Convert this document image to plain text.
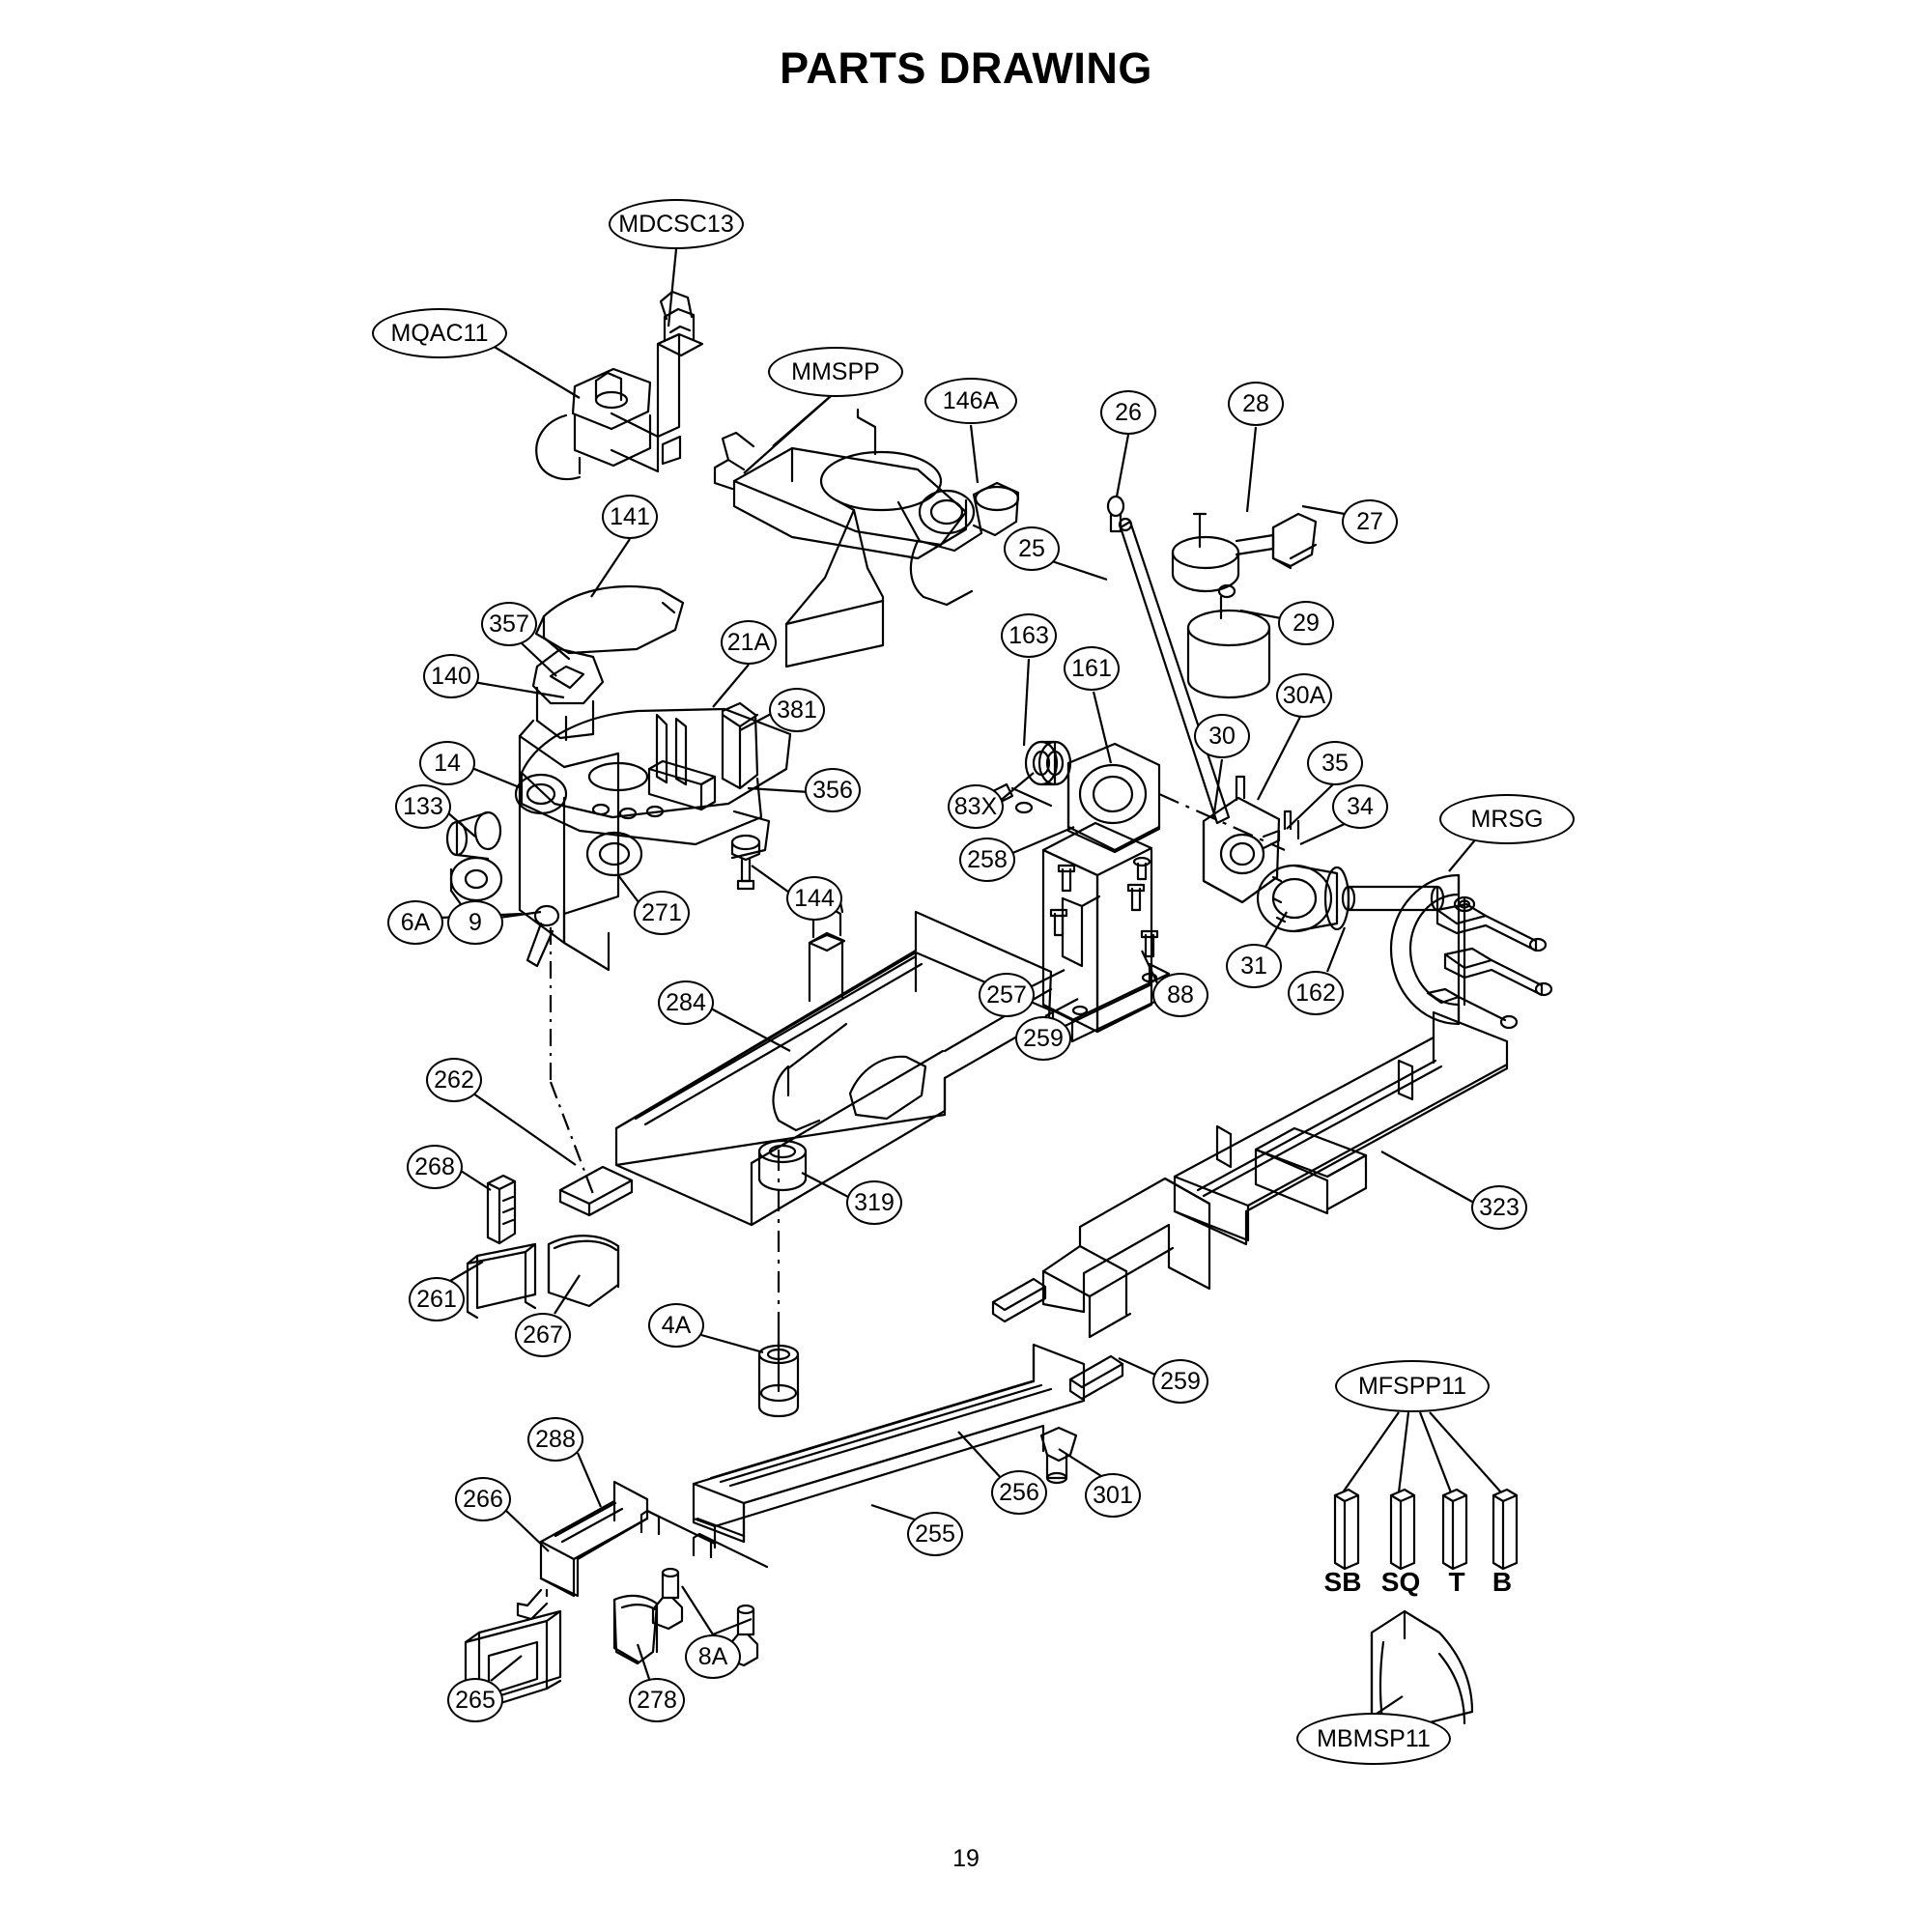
PARTS DRAWING
MDCSC13
MQAC11
MMSPP
146A	26	28
27
141
25
29
357
21A	163
161
140
381
30A
30
35
14
356
34
133	83X	MRSG
258
144
271
6A	9
31
162
257	88
284
259
262
268
319	323
261
267	4A
259	MFSPP11
288
256	301
266
255
8A
265	278
MBMSP11
SB SQ T B
19
